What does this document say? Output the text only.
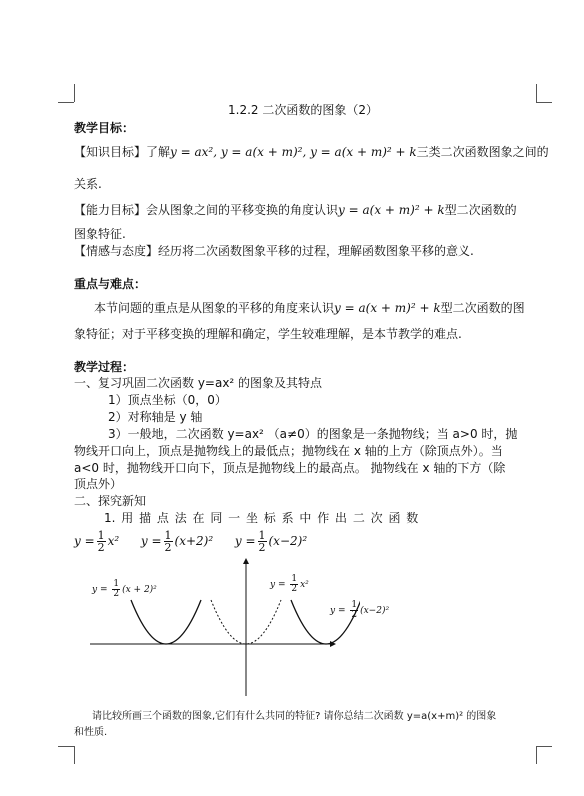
1.2.2 二次函数的图象（2）
教学目标：
【知识目标】了解y = ax², y = a(x + m)², y = a(x + m)² + k三类二次函数图象之间的
关系.
【能力目标】会从图象之间的平移变换的角度认识y = a(x + m)² + k型二次函数的
图象特征.
【情感与态度】经历将二次函数图象平移的过程，理解函数图象平移的意义.
重点与难点：
本节问题的重点是从图象的平移的角度来认识y = a(x + m)² + k型二次函数的图
象特征；对于平移变换的理解和确定，学生较难理解，是本节教学的难点.
教学过程：
一、复习巩固二次函数 y=ax² 的图象及其特点
1）顶点坐标（0，0）
2）对称轴是 y 轴
3）一般地，二次函数 y=ax² （a≠0）的图象是一条抛物线；当 a>0 时，抛
物线开口向上，顶点是抛物线上的最低点；抛物线在 x 轴的上方（除顶点外）。当
a<0 时，抛物线开口向下，顶点是抛物线上的最高点。 抛物线在 x 轴的下方（除
顶点外）
二、探究新知
1. 用 描 点 法 在 同 一 坐 标 系 中 作 出 二 次 函 数
$y = \frac{1}{2} x^2$ $y = \frac{1}{2} (x+2)^2$ $y = \frac{1}{2} (x-2)^2$
$y = \frac{1}{2} (x + 2)^2$	$y = \frac{1}{2} x^2$
$y = \frac{1}{2} (x-2)^2$
请比较所画三个函数的图象,它们有什么共同的特征? 请你总结二次函数 y=a(x+m)² 的图象
和性质.
